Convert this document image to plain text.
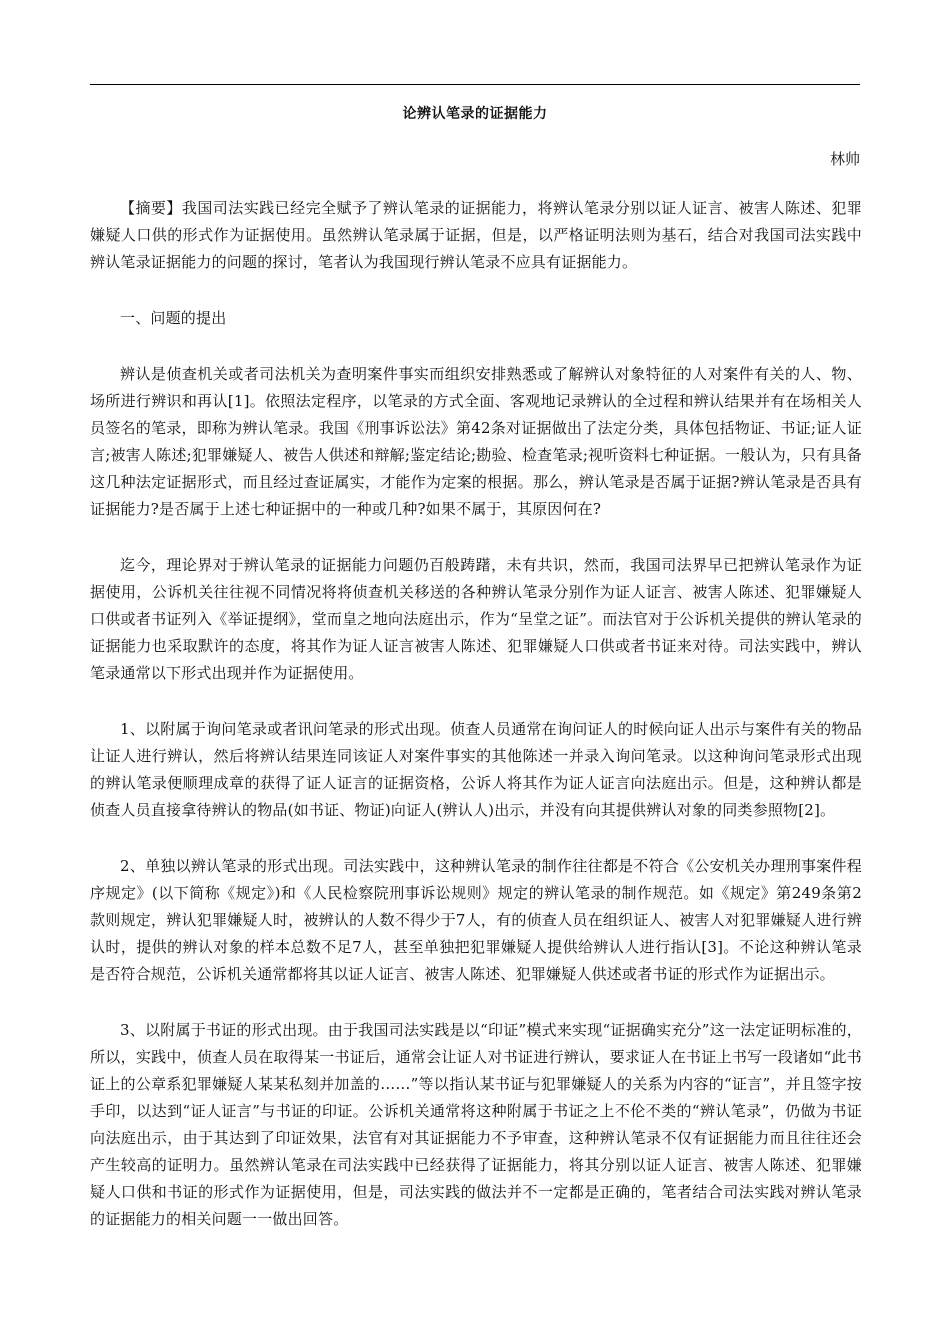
论辨认笔录的证据能力
林帅

【摘要】我国司法实践已经完全赋予了辨认笔录的证据能力，将辨认笔录分别以证人证言、被害人陈述、犯罪嫌疑人口供的形式作为证据使用。虽然辨认笔录属于证据，但是，以严格证明法则为基石，结合对我国司法实践中辨认笔录证据能力的问题的探讨，笔者认为我国现行辨认笔录不应具有证据能力。

一、问题的提出

辨认是侦查机关或者司法机关为查明案件事实而组织安排熟悉或了解辨认对象特征的人对案件有关的人、物、场所进行辨识和再认[1]。依照法定程序，以笔录的方式全面、客观地记录辨认的全过程和辨认结果并有在场相关人员签名的笔录，即称为辨认笔录。我国《刑事诉讼法》第42条对证据做出了法定分类，具体包括物证、书证;证人证言;被害人陈述;犯罪嫌疑人、被告人供述和辩解;鉴定结论;勘验、检查笔录;视听资料七种证据。一般认为，只有具备这几种法定证据形式，而且经过查证属实，才能作为定案的根据。那么，辨认笔录是否属于证据?辨认笔录是否具有证据能力?是否属于上述七种证据中的一种或几种?如果不属于，其原因何在?

迄今，理论界对于辨认笔录的证据能力问题仍百般踌躇，未有共识，然而，我国司法界早已把辨认笔录作为证据使用，公诉机关往往视不同情况将将侦查机关移送的各种辨认笔录分别作为证人证言、被害人陈述、犯罪嫌疑人口供或者书证列入《举证提纲》，堂而皇之地向法庭出示，作为“呈堂之证”。而法官对于公诉机关提供的辨认笔录的证据能力也采取默许的态度，将其作为证人证言被害人陈述、犯罪嫌疑人口供或者书证来对待。司法实践中，辨认笔录通常以下形式出现并作为证据使用。

1、以附属于询问笔录或者讯问笔录的形式出现。侦查人员通常在询问证人的时候向证人出示与案件有关的物品让证人进行辨认，然后将辨认结果连同该证人对案件事实的其他陈述一并录入询问笔录。以这种询问笔录形式出现的辨认笔录便顺理成章的获得了证人证言的证据资格，公诉人将其作为证人证言向法庭出示。但是，这种辨认都是侦查人员直接拿待辨认的物品(如书证、物证)向证人(辨认人)出示，并没有向其提供辨认对象的同类参照物[2]。

2、单独以辨认笔录的形式出现。司法实践中，这种辨认笔录的制作往往都是不符合《公安机关办理刑事案件程序规定》(以下简称《规定》)和《人民检察院刑事诉讼规则》规定的辨认笔录的制作规范。如《规定》第249条第2款则规定，辨认犯罪嫌疑人时，被辨认的人数不得少于7人，有的侦查人员在组织证人、被害人对犯罪嫌疑人进行辨认时，提供的辨认对象的样本总数不足7人，甚至单独把犯罪嫌疑人提供给辨认人进行指认[3]。不论这种辨认笔录是否符合规范，公诉机关通常都将其以证人证言、被害人陈述、犯罪嫌疑人供述或者书证的形式作为证据出示。

3、以附属于书证的形式出现。由于我国司法实践是以“印证”模式来实现“证据确实充分”这一法定证明标准的，所以，实践中，侦查人员在取得某一书证后，通常会让证人对书证进行辨认，要求证人在书证上书写一段诸如“此书证上的公章系犯罪嫌疑人某某私刻并加盖的……”等以指认某书证与犯罪嫌疑人的关系为内容的“证言”，并且签字按手印，以达到“证人证言”与书证的印证。公诉机关通常将这种附属于书证之上不伦不类的“辨认笔录”，仍做为书证向法庭出示，由于其达到了印证效果，法官有对其证据能力不予审查，这种辨认笔录不仅有证据能力而且往往还会产生较高的证明力。虽然辨认笔录在司法实践中已经获得了证据能力，将其分别以证人证言、被害人陈述、犯罪嫌疑人口供和书证的形式作为证据使用，但是，司法实践的做法并不一定都是正确的，笔者结合司法实践对辨认笔录的证据能力的相关问题一一做出回答。
